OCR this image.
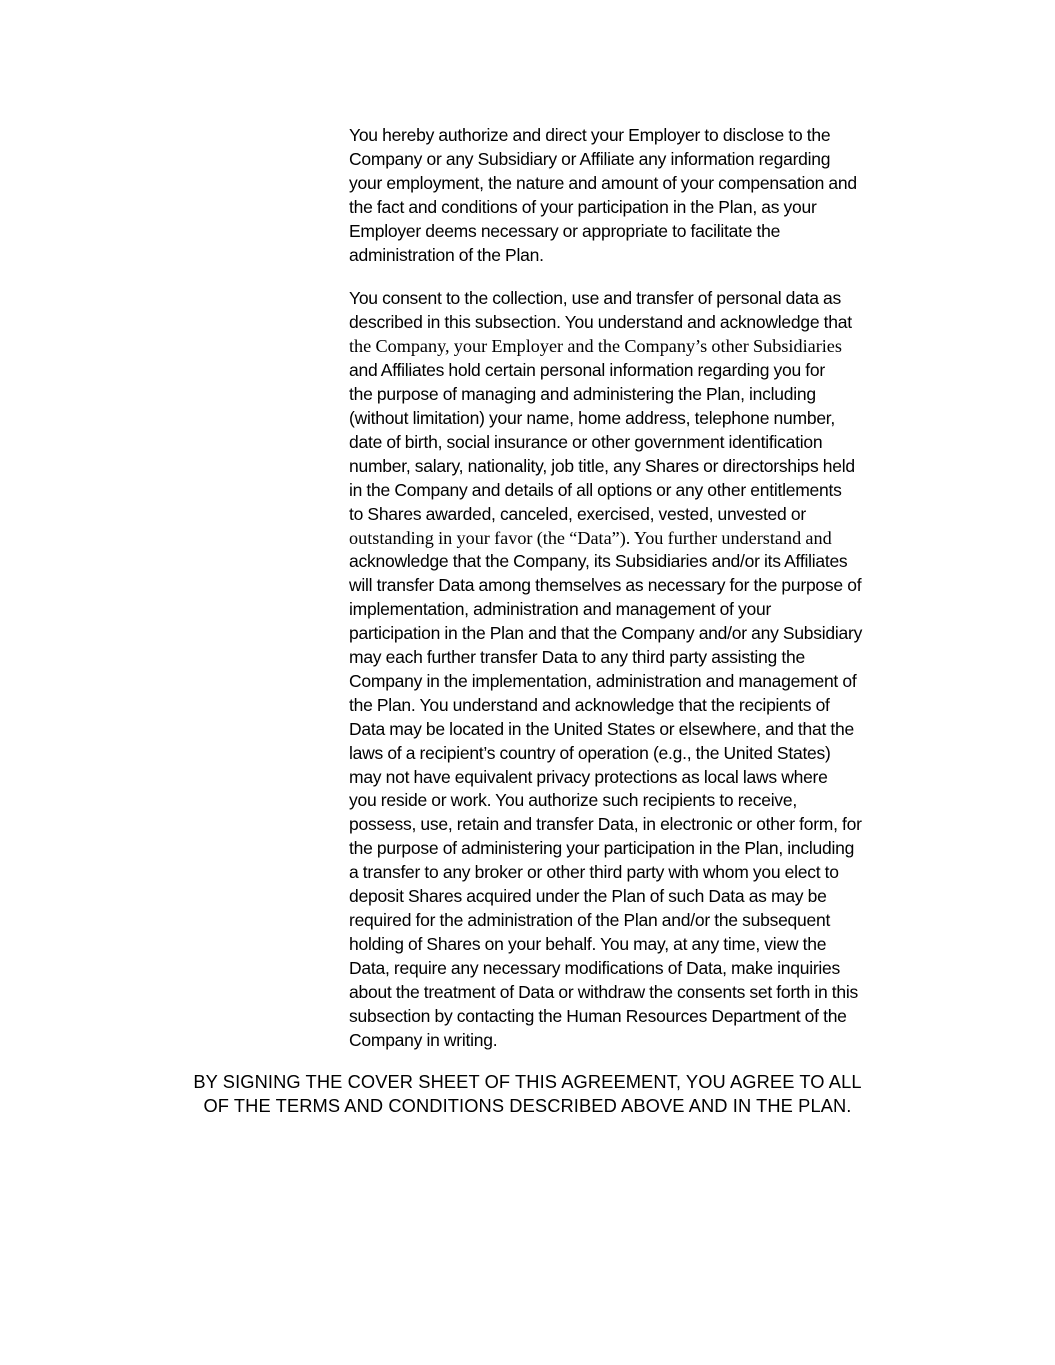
You hereby authorize and direct your Employer to disclose to the
Company or any Subsidiary or Affiliate any information regarding
your employment, the nature and amount of your compensation and
the fact and conditions of your participation in the Plan, as your
Employer deems necessary or appropriate to facilitate the
administration of the Plan.

You consent to the collection, use and transfer of personal data as
described in this subsection. You understand and acknowledge that
the Company, your Employer and the Company’s other Subsidiaries
and Affiliates hold certain personal information regarding you for
the purpose of managing and administering the Plan, including
(without limitation) your name, home address, telephone number,
date of birth, social insurance or other government identification
number, salary, nationality, job title, any Shares or directorships held
in the Company and details of all options or any other entitlements
to Shares awarded, canceled, exercised, vested, unvested or
outstanding in your favor (the “Data”). You further understand and
acknowledge that the Company, its Subsidiaries and/or its Affiliates
will transfer Data among themselves as necessary for the purpose of
implementation, administration and management of your
participation in the Plan and that the Company and/or any Subsidiary
may each further transfer Data to any third party assisting the
Company in the implementation, administration and management of
the Plan. You understand and acknowledge that the recipients of
Data may be located in the United States or elsewhere, and that the
laws of a recipient’s country of operation (e.g., the United States)
may not have equivalent privacy protections as local laws where
you reside or work. You authorize such recipients to receive,
possess, use, retain and transfer Data, in electronic or other form, for
the purpose of administering your participation in the Plan, including
a transfer to any broker or other third party with whom you elect to
deposit Shares acquired under the Plan of such Data as may be
required for the administration of the Plan and/or the subsequent
holding of Shares on your behalf. You may, at any time, view the
Data, require any necessary modifications of Data, make inquiries
about the treatment of Data or withdraw the consents set forth in this
subsection by contacting the Human Resources Department of the
Company in writing.

BY SIGNING THE COVER SHEET OF THIS AGREEMENT, YOU AGREE TO ALL
OF THE TERMS AND CONDITIONS DESCRIBED ABOVE AND IN THE PLAN.
